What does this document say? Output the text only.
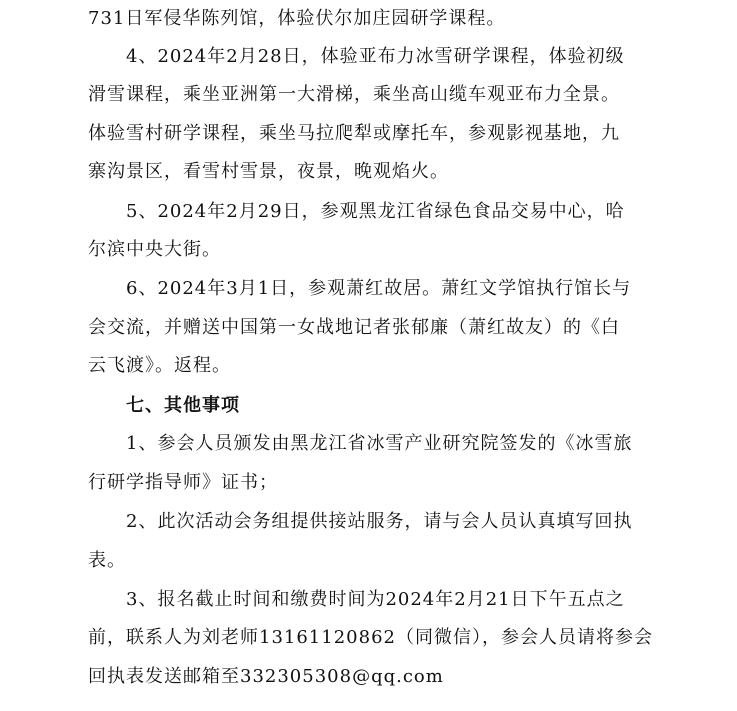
731日军侵华陈列馆，体验伏尔加庄园研学课程。
4、2024年2月28日，体验亚布力冰雪研学课程，体验初级
滑雪课程，乘坐亚洲第一大滑梯，乘坐高山缆车观亚布力全景。
体验雪村研学课程，乘坐马拉爬犁或摩托车，参观影视基地，九
寨沟景区，看雪村雪景，夜景，晚观焰火。
5、2024年2月29日，参观黑龙江省绿色食品交易中心，哈
尔滨中央大街。
6、2024年3月1日，参观萧红故居。萧红文学馆执行馆长与
会交流，并赠送中国第一女战地记者张郁廉（萧红故友）的《白
云飞渡》。返程。
七、其他事项
1、参会人员颁发由黑龙江省冰雪产业研究院签发的《冰雪旅
行研学指导师》证书；
2、此次活动会务组提供接站服务，请与会人员认真填写回执
表。
3、报名截止时间和缴费时间为2024年2月21日下午五点之
前，联系人为刘老师13161120862（同微信），参会人员请将参会
回执表发送邮箱至332305308@qq.com
